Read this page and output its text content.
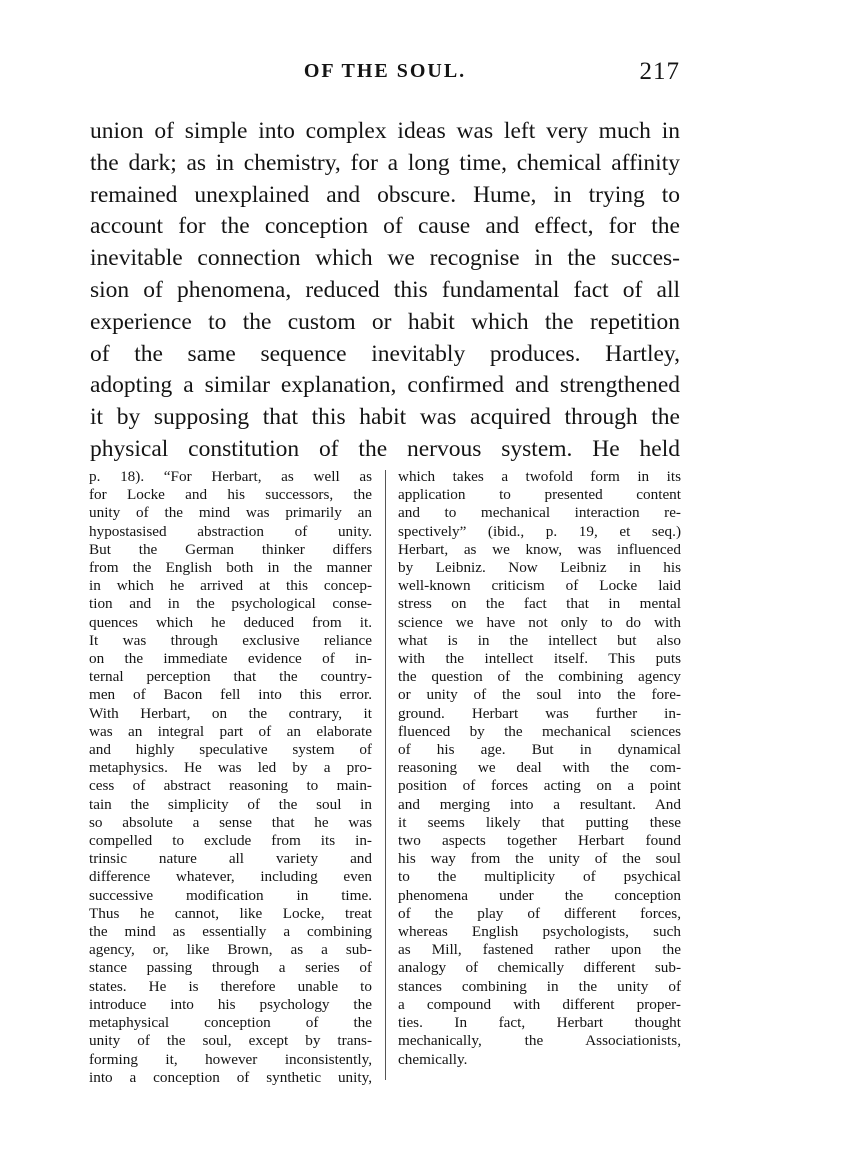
OF THE SOUL.	217
union of simple into complex ideas was left very much in
the dark; as in chemistry, for a long time, chemical affinity
remained unexplained and obscure. Hume, in trying to
account for the conception of cause and effect, for the
inevitable connection which we recognise in the succes-
sion of phenomena, reduced this fundamental fact of all
experience to the custom or habit which the repetition
of the same sequence inevitably produces. Hartley,
adopting a similar explanation, confirmed and strengthened
it by supposing that this habit was acquired through the
physical constitution of the nervous system. He held
p. 18). “For Herbart, as well as
for Locke and his successors, the
unity of the mind was primarily an
hypostasised abstraction of unity.
But the German thinker differs
from the English both in the manner
in which he arrived at this concep-
tion and in the psychological conse-
quences which he deduced from it.
It was through exclusive reliance
on the immediate evidence of in-
ternal perception that the country-
men of Bacon fell into this error.
With Herbart, on the contrary, it
was an integral part of an elaborate
and highly speculative system of
metaphysics. He was led by a pro-
cess of abstract reasoning to main-
tain the simplicity of the soul in
so absolute a sense that he was
compelled to exclude from its in-
trinsic nature all variety and
difference whatever, including even
successive modification in time.
Thus he cannot, like Locke, treat
the mind as essentially a combining
agency, or, like Brown, as a sub-
stance passing through a series of
states. He is therefore unable to
introduce into his psychology the
metaphysical conception of the
unity of the soul, except by trans-
forming it, however inconsistently,
into a conception of synthetic unity,
which takes a twofold form in its
application to presented content
and to mechanical interaction re-
spectively” (ibid., p. 19, et seq.)
Herbart, as we know, was influenced
by Leibniz. Now Leibniz in his
well-known criticism of Locke laid
stress on the fact that in mental
science we have not only to do with
what is in the intellect but also
with the intellect itself. This puts
the question of the combining agency
or unity of the soul into the fore-
ground. Herbart was further in-
fluenced by the mechanical sciences
of his age. But in dynamical
reasoning we deal with the com-
position of forces acting on a point
and merging into a resultant. And
it seems likely that putting these
two aspects together Herbart found
his way from the unity of the soul
to the multiplicity of psychical
phenomena under the conception
of the play of different forces,
whereas English psychologists, such
as Mill, fastened rather upon the
analogy of chemically different sub-
stances combining in the unity of
a compound with different proper-
ties. In fact, Herbart thought
mechanically, the Associationists,
chemically.
